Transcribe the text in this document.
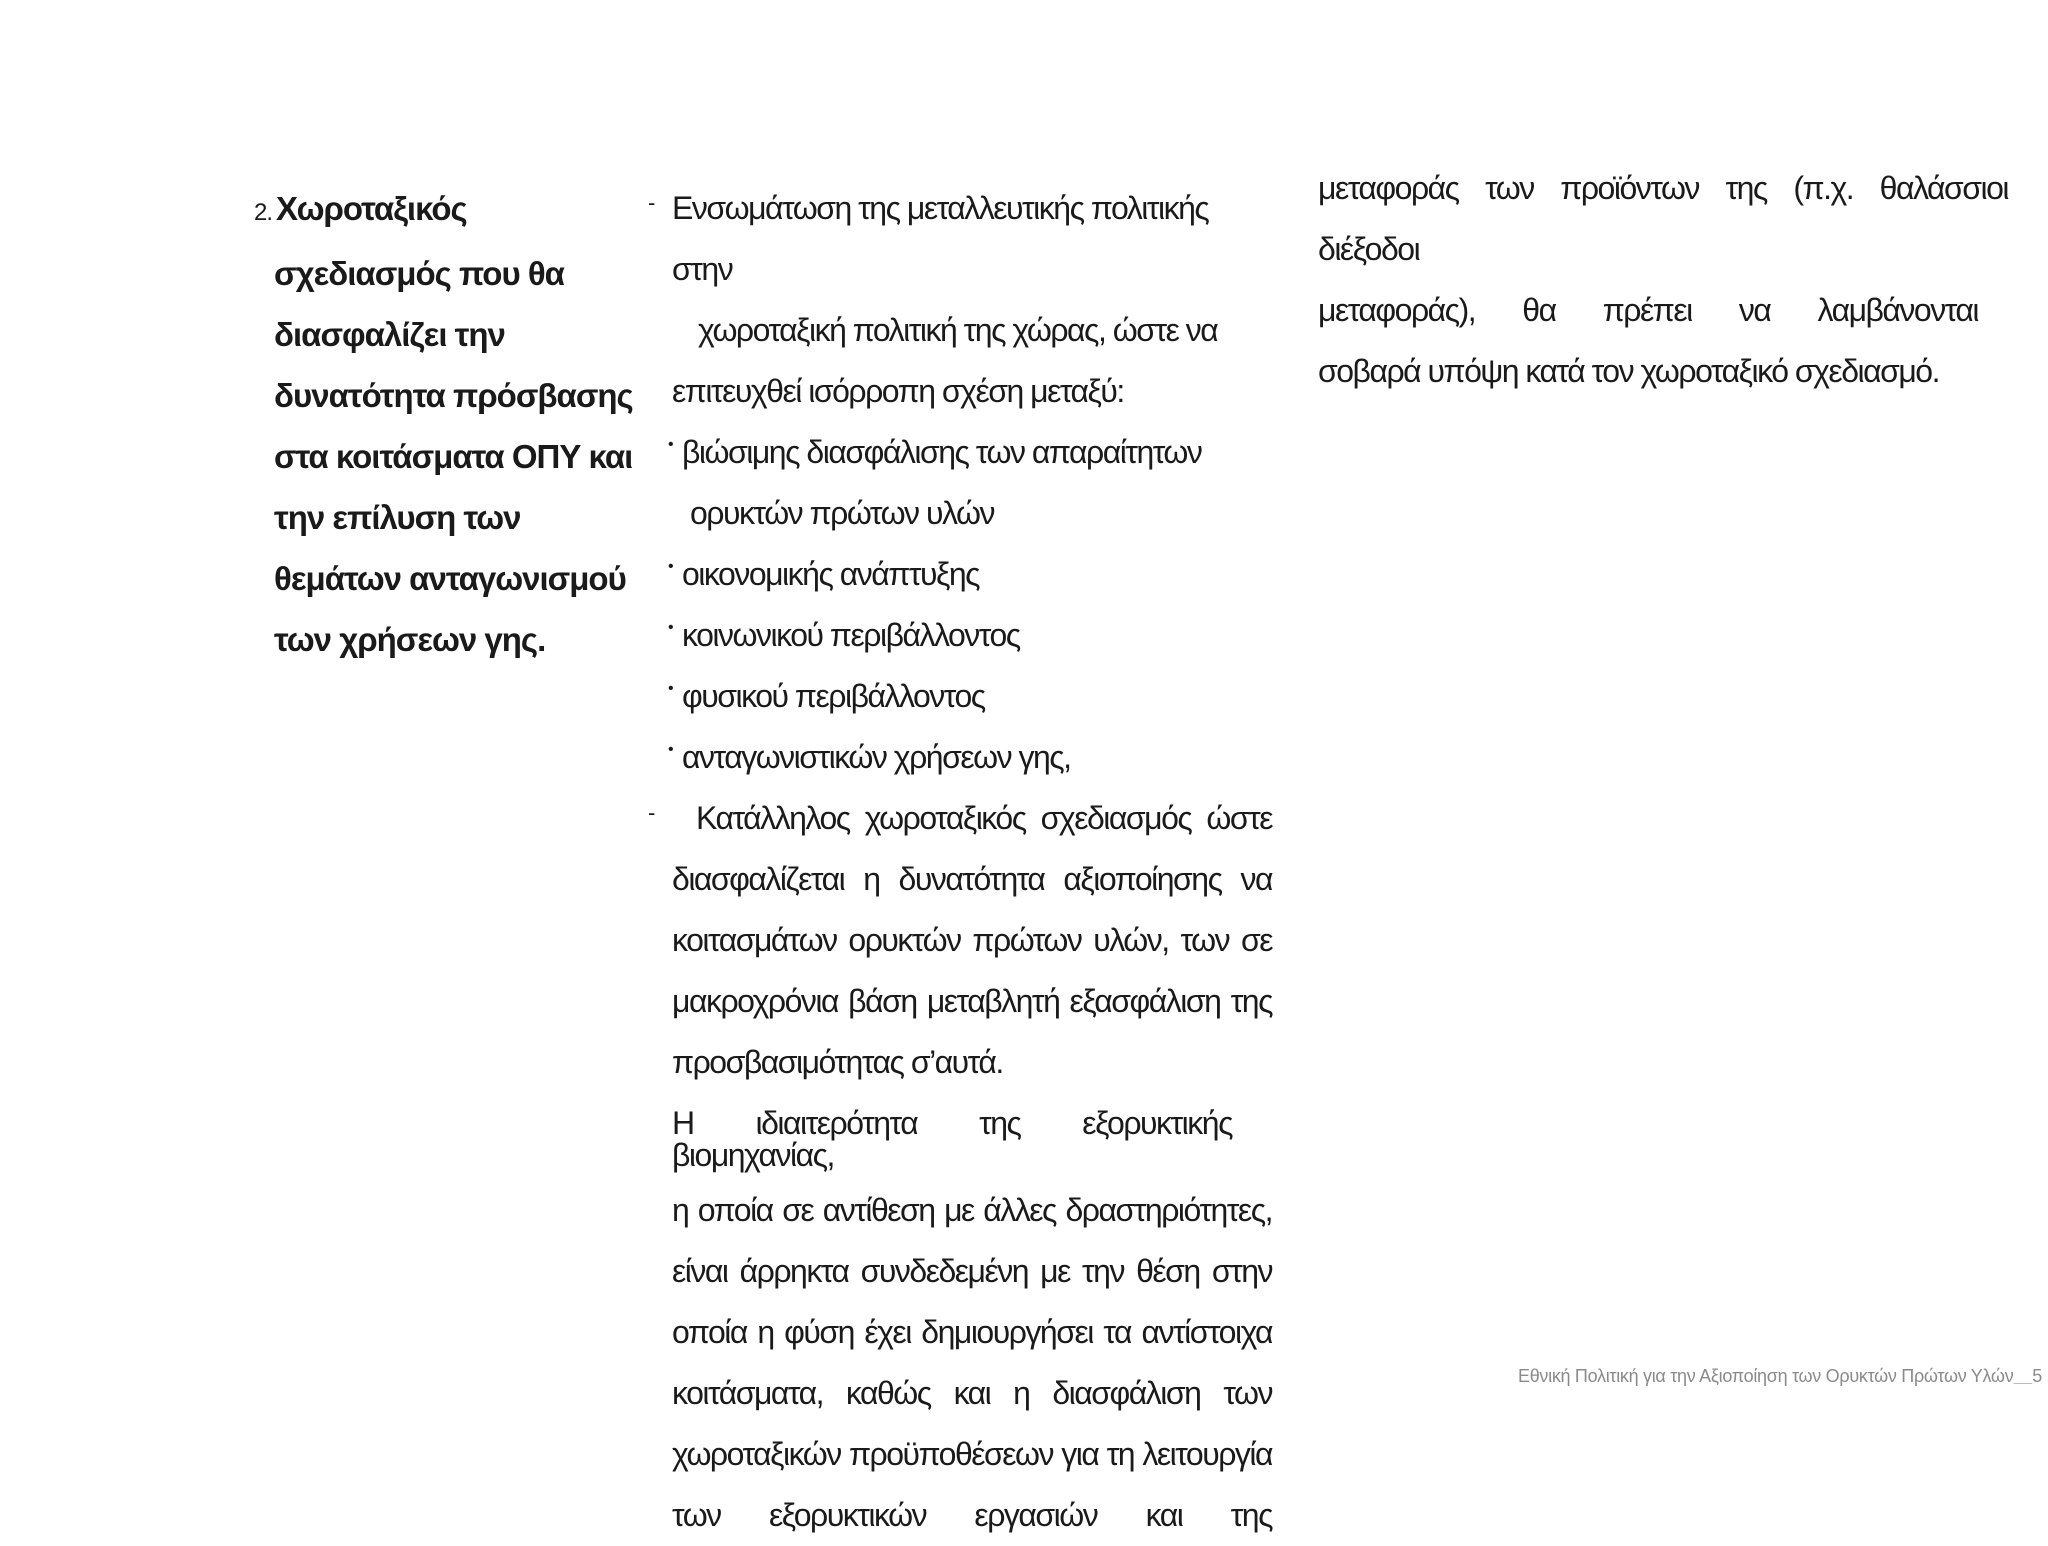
2. Χωροταξικός
σχεδιασμός που θα
διασφαλίζει την
δυνατότητα πρόσβασης
στα κοιτάσματα ΟΠΥ και
την επίλυση των
θεμάτων ανταγωνισμού
των χρήσεων γης.

- Ενσωμάτωση της μεταλλευτικής πολιτικής στην

χωροταξική πολιτική της χώρας, ώστε να

επιτευχθεί ισόρροπη σχέση μεταξύ:

• βιώσιμης διασφάλισης των απαραίτητων
ορυκτών πρώτων υλών
• οικονομικής ανάπτυξης
• κοινωνικού περιβάλλοντος
• φυσικού περιβάλλοντος
• ανταγωνιστικών χρήσεων γης,

- Κατάλληλος χωροταξικός σχεδιασμός ώστε

διασφαλίζεται η δυνατότητα αξιοποίησης να

κοιτασμάτων ορυκτών πρώτων υλών, των σε

μακροχρόνια βάση μεταβλητή εξασφάλιση της

προσβασιμότητας σ’αυτά.

Η ιδιαιτερότητα της εξορυκτικής

βιομηχανίας,

η οποία σε αντίθεση με άλλες δραστηριότητες,

είναι άρρηκτα συνδεδεμένη με την θέση στην

οποία η φύση έχει δημιουργήσει τα αντίστοιχα

κοιτάσματα, καθώς και η διασφάλιση των

χωροταξικών προϋποθέσεων για τη λειτουργία

των εξορυκτικών εργασιών και της

μεταφοράς των προϊόντων της (π.χ. θαλάσσιοι διέξοδοι

μεταφοράς), θα πρέπει να λαμβάνονται

σοβαρά υπόψη κατά τον χωροταξικό σχεδιασμό.

Εθνική Πολιτική για την Αξιοποίηση των Ορυκτών Πρώτων Υλών 5
